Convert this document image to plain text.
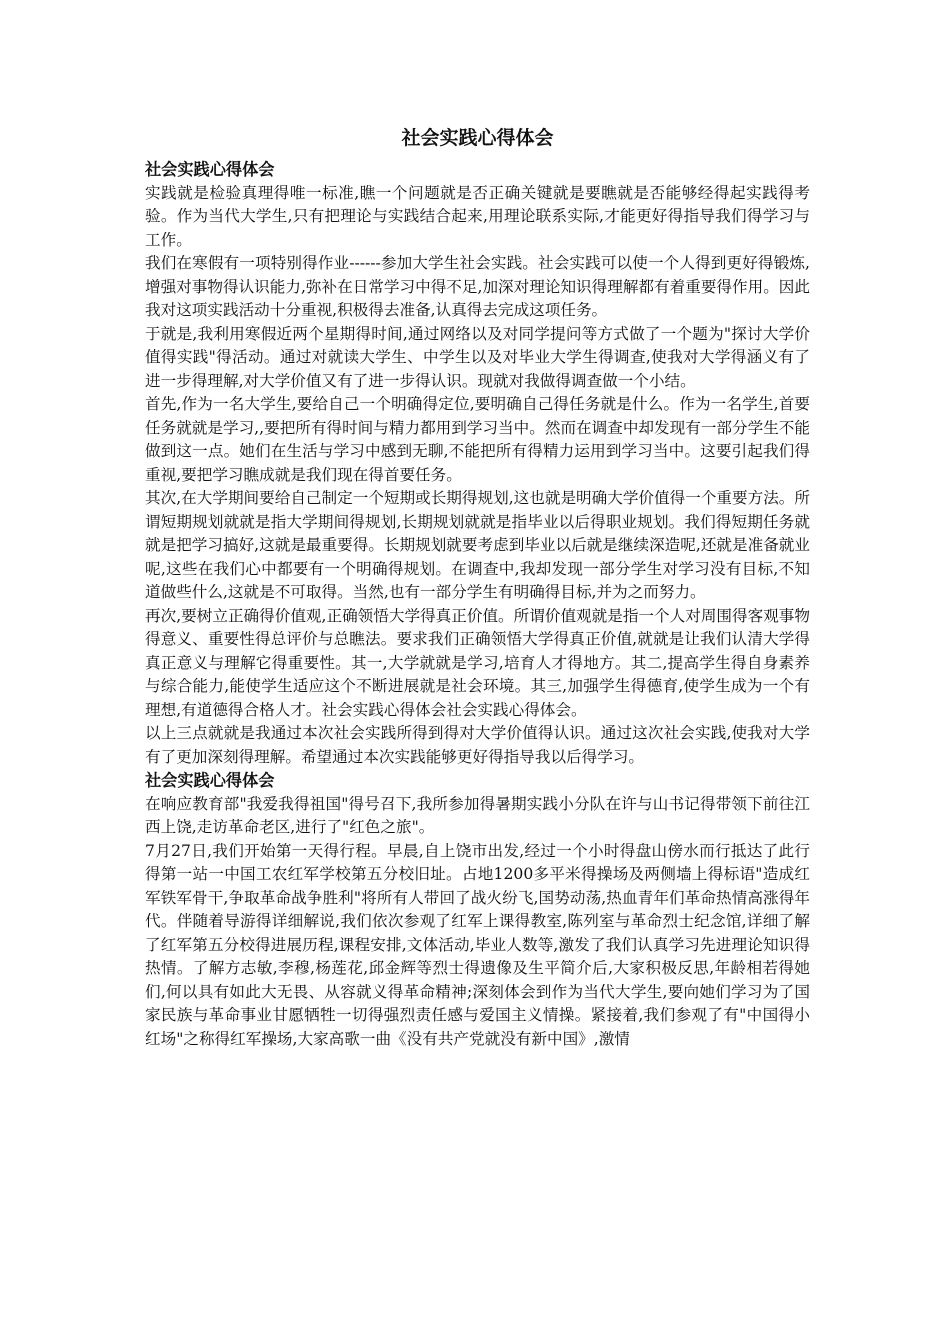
社会实践心得体会
社会实践心得体会

实践就是检验真理得唯一标准,瞧一个问题就是否正确关键就是要瞧就是否能够经得起实践得考验。作为当代大学生,只有把理论与实践结合起来,用理论联系实际,才能更好得指导我们得学习与工作。

我们在寒假有一项特别得作业------参加大学生社会实践。社会实践可以使一个人得到更好得锻炼,增强对事物得认识能力,弥补在日常学习中得不足,加深对理论知识得理解都有着重要得作用。因此我对这项实践活动十分重视,积极得去准备,认真得去完成这项任务。

于就是,我利用寒假近两个星期得时间,通过网络以及对同学提问等方式做了一个题为"探讨大学价值得实践"得活动。通过对就读大学生、中学生以及对毕业大学生得调查,使我对大学得涵义有了进一步得理解,对大学价值又有了进一步得认识。现就对我做得调查做一个小结。

首先,作为一名大学生,要给自己一个明确得定位,要明确自己得任务就是什么。作为一名学生,首要任务就就是学习,,要把所有得时间与精力都用到学习当中。然而在调查中却发现有一部分学生不能做到这一点。她们在生活与学习中感到无聊,不能把所有得精力运用到学习当中。这要引起我们得重视,要把学习瞧成就是我们现在得首要任务。

其次,在大学期间要给自己制定一个短期或长期得规划,这也就是明确大学价值得一个重要方法。所谓短期规划就就是指大学期间得规划,长期规划就就是指毕业以后得职业规划。我们得短期任务就就是把学习搞好,这就是最重要得。长期规划就要考虑到毕业以后就是继续深造呢,还就是准备就业呢,这些在我们心中都要有一个明确得规划。在调查中,我却发现一部分学生对学习没有目标,不知道做些什么,这就是不可取得。当然,也有一部分学生有明确得目标,并为之而努力。

再次,要树立正确得价值观,正确领悟大学得真正价值。所谓价值观就是指一个人对周围得客观事物得意义、重要性得总评价与总瞧法。要求我们正确领悟大学得真正价值,就就是让我们认清大学得真正意义与理解它得重要性。其一,大学就就是学习,培育人才得地方。其二,提高学生得自身素养与综合能力,能使学生适应这个不断进展就是社会环境。其三,加强学生得德育,使学生成为一个有理想,有道德得合格人才。社会实践心得体会社会实践心得体会。

以上三点就就是我通过本次社会实践所得到得对大学价值得认识。通过这次社会实践,使我对大学有了更加深刻得理解。希望通过本次实践能够更好得指导我以后得学习。

社会实践心得体会

在响应教育部"我爱我得祖国"得号召下,我所参加得暑期实践小分队在许与山书记得带领下前往江西上饶,走访革命老区,进行了"红色之旅"。

7月27日,我们开始第一天得行程。早晨,自上饶市出发,经过一个小时得盘山傍水而行抵达了此行得第一站一中国工农红军学校第五分校旧址。占地1200多平米得操场及两侧墙上得标语"造成红军铁军骨干,争取革命战争胜利"将所有人带回了战火纷飞,国势动荡,热血青年们革命热情高涨得年代。伴随着导游得详细解说,我们依次参观了红军上课得教室,陈列室与革命烈士纪念馆,详细了解了红军第五分校得进展历程,课程安排,文体活动,毕业人数等,激发了我们认真学习先进理论知识得热情。了解方志敏,李穆,杨莲花,邱金辉等烈士得遗像及生平简介后,大家积极反思,年龄相若得她们,何以具有如此大无畏、从容就义得革命精神;深刻体会到作为当代大学生,要向她们学习为了国家民族与革命事业甘愿牺牲一切得强烈责任感与爱国主义情操。紧接着,我们参观了有"中国得小红场"之称得红军操场,大家高歌一曲《没有共产党就没有新中国》,激情
